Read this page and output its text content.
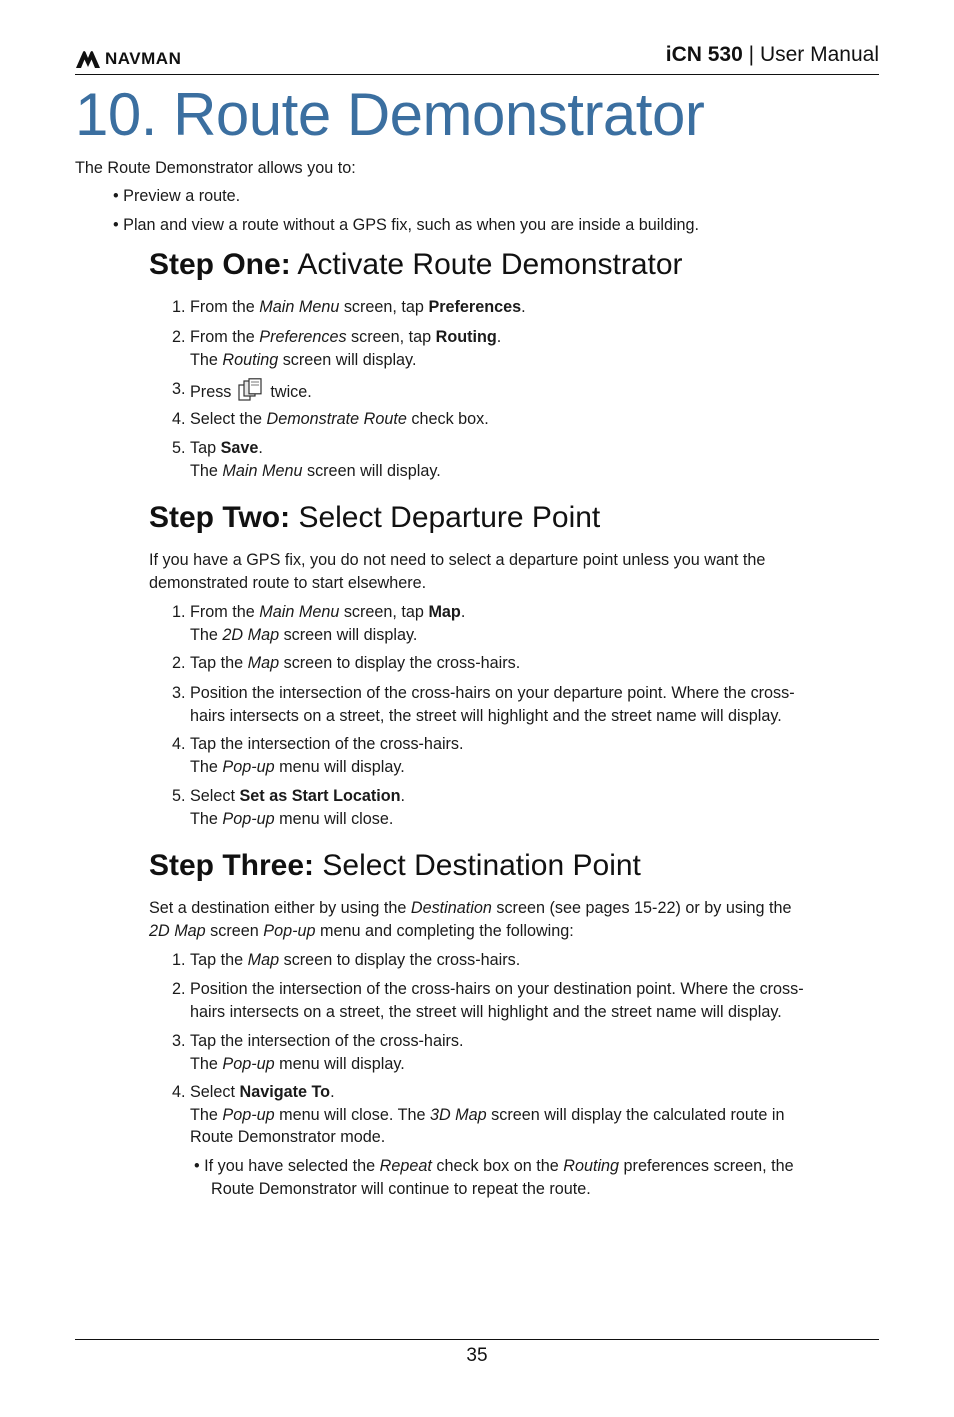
NAVMAN	iCN 530 | User Manual
10. Route Demonstrator

The Route Demonstrator allows you to:

• Preview a route.
• Plan and view a route without a GPS fix, such as when you are inside a building.
Step One: Activate Route Demonstrator
1. From the Main Menu screen, tap Preferences.
2. From the Preferences screen, tap Routing.
The Routing screen will display.
3. Press twice.
4. Select the Demonstrate Route check box.
5. Tap Save.
The Main Menu screen will display.
Step Two: Select Departure Point

If you have a GPS fix, you do not need to select a departure point unless you want the
demonstrated route to start elsewhere.

1. From the Main Menu screen, tap Map.
The 2D Map screen will display.
2. Tap the Map screen to display the cross-hairs.
3. Position the intersection of the cross-hairs on your departure point. Where the cross-
hairs intersects on a street, the street will highlight and the street name will display.
4. Tap the intersection of the cross-hairs.
The Pop-up menu will display.
5. Select Set as Start Location.
The Pop-up menu will close.
Step Three: Select Destination Point

Set a destination either by using the Destination screen (see pages 15-22) or by using the
2D Map screen Pop-up menu and completing the following:

1. Tap the Map screen to display the cross-hairs.
2. Position the intersection of the cross-hairs on your destination point. Where the cross-
hairs intersects on a street, the street will highlight and the street name will display.
3. Tap the intersection of the cross-hairs.
The Pop-up menu will display.
4. Select Navigate To.
The Pop-up menu will close. The 3D Map screen will display the calculated route in
Route Demonstrator mode.
• If you have selected the Repeat check box on the Routing preferences screen, the
Route Demonstrator will continue to repeat the route.
35
